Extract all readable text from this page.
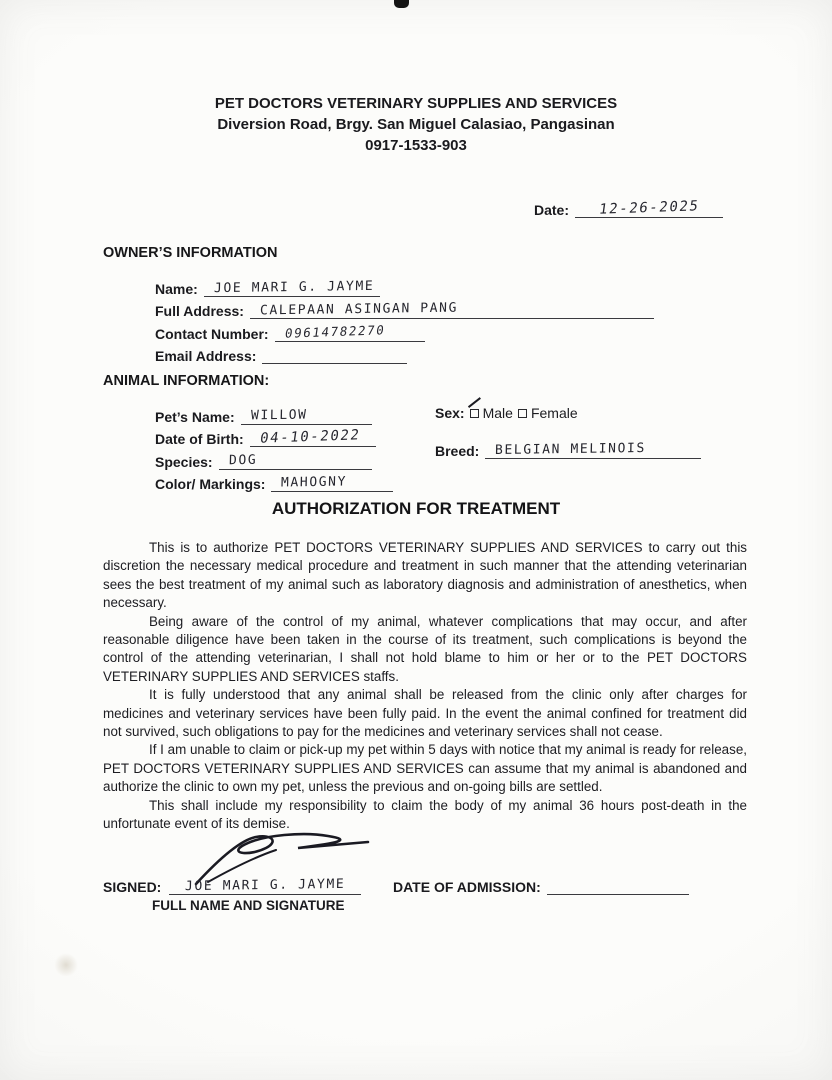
PET DOCTORS VETERINARY SUPPLIES AND SERVICES
Diversion Road, Brgy. San Miguel Calasiao, Pangasinan
0917-1533-903
Date:	12-26-2025
OWNER’S INFORMATION
Name:	JOE MARI G. JAYME
Full Address:	CALEPAAN ASINGAN PANG
Contact Number:	09614782270
Email Address:
ANIMAL INFORMATION:
Pet’s Name:	WILLOW
Date of Birth:	04-10-2022
Species:	DOG
Color/ Markings:	MAHOGNY
Sex: Male Female
Breed:	BELGIAN MELINOIS
AUTHORIZATION FOR TREATMENT

This is to authorize PET DOCTORS VETERINARY SUPPLIES AND SERVICES to carry out this discretion the necessary medical procedure and treatment in such manner that the attending veterinarian sees the best treatment of my animal such as laboratory diagnosis and administration of anesthetics, when necessary.

Being aware of the control of my animal, whatever complications that may occur, and after reasonable diligence have been taken in the course of its treatment, such complications is beyond the control of the attending veterinarian, I shall not hold blame to him or her or to the PET DOCTORS VETERINARY SUPPLIES AND SERVICES staffs.

It is fully understood that any animal shall be released from the clinic only after charges for medicines and veterinary services have been fully paid. In the event the animal confined for treatment did not survived, such obligations to pay for the medicines and veterinary services shall not cease.

If I am unable to claim or pick-up my pet within 5 days with notice that my animal is ready for release, PET DOCTORS VETERINARY SUPPLIES AND SERVICES can assume that my animal is abandoned and authorize the clinic to own my pet, unless the previous and on-going bills are settled.

This shall include my responsibility to claim the body of my animal 36 hours post-death in the unfortunate event of its demise.

SIGNED:	JOE MARI G. JAYME
FULL NAME AND SIGNATURE
DATE OF ADMISSION:
